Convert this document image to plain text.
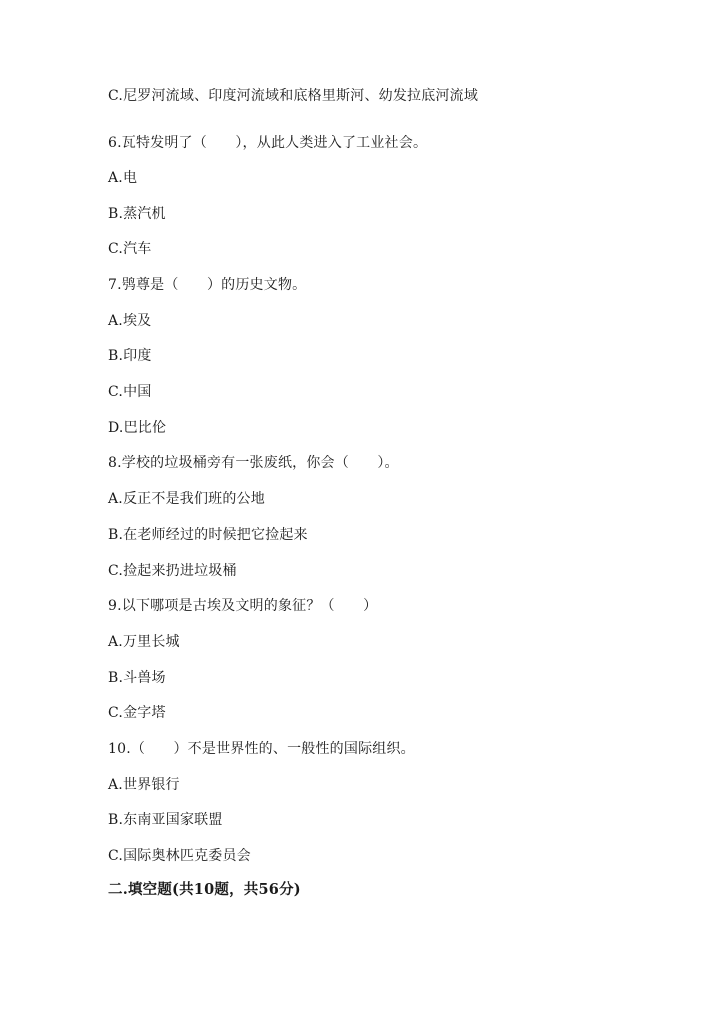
C.尼罗河流域、印度河流域和底格里斯河、幼发拉底河流域
6.瓦特发明了（　　），从此人类进入了工业社会。
A.电
B.蒸汽机
C.汽车
7.鸮尊是（　　）的历史文物。
A.埃及
B.印度
C.中国
D.巴比伦
8.学校的垃圾桶旁有一张废纸，你会（　　）。
A.反正不是我们班的公地
B.在老师经过的时候把它捡起来
C.捡起来扔进垃圾桶
9.以下哪项是古埃及文明的象征？（　　）
A.万里长城
B.斗兽场
C.金字塔
10.（　　）不是世界性的、一般性的国际组织。
A.世界银行
B.东南亚国家联盟
C.国际奥林匹克委员会
二.填空题(共10题，共56分)
